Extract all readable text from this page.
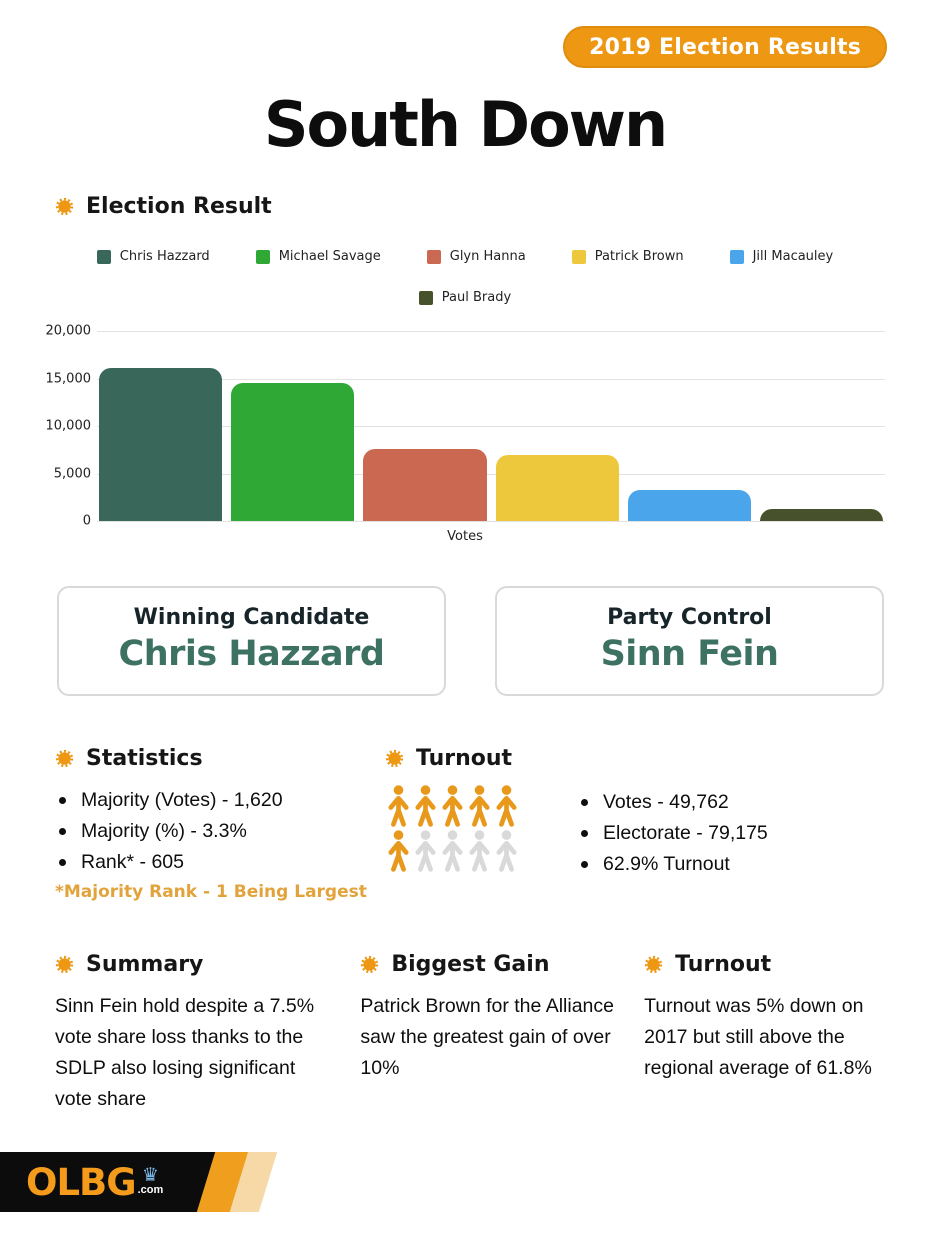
2019 Election Results
South Down
Election Result
Chris Hazzard	Michael Savage	Glyn Hanna	Patrick Brown	Jill Macauley
Paul Brady
20,000
15,000
10,000
5,000
0
Votes
Winning Candidate
Chris Hazzard
Party Control
Sinn Fein
Statistics
Majority (Votes) - 1,620
Majority (%) - 3.3%
Rank* - 605
*Majority Rank - 1 Being Largest
Turnout
Votes - 49,762
Electorate - 79,175
62.9% Turnout
Summary
Sinn Fein hold despite a 7.5% vote share loss thanks to the SDLP also losing significant vote share
Biggest Gain
Patrick Brown for the Alliance saw the greatest gain of over 10%
Turnout
Turnout was 5% down on 2017 but still above the regional average of 61.8%
OLBG ♛
.com
